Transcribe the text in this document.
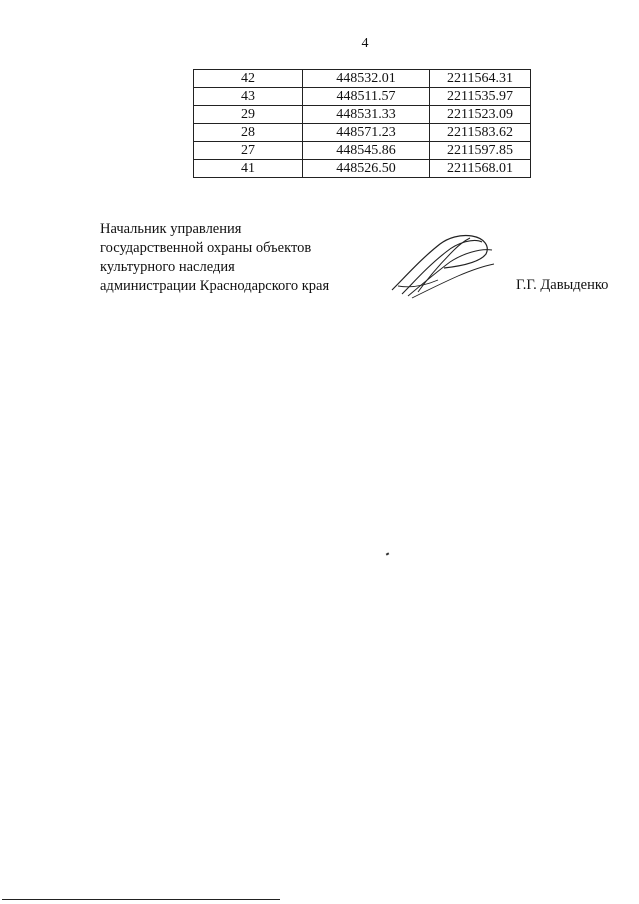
4
42	448532.01	2211564.31
43	448511.57	2211535.97
29	448531.33	2211523.09
28	448571.23	2211583.62
27	448545.86	2211597.85
41	448526.50	2211568.01
Начальник управления
государственной охраны объектов
культурного наследия
администрации Краснодарского края	Г.Г. Давыденко
